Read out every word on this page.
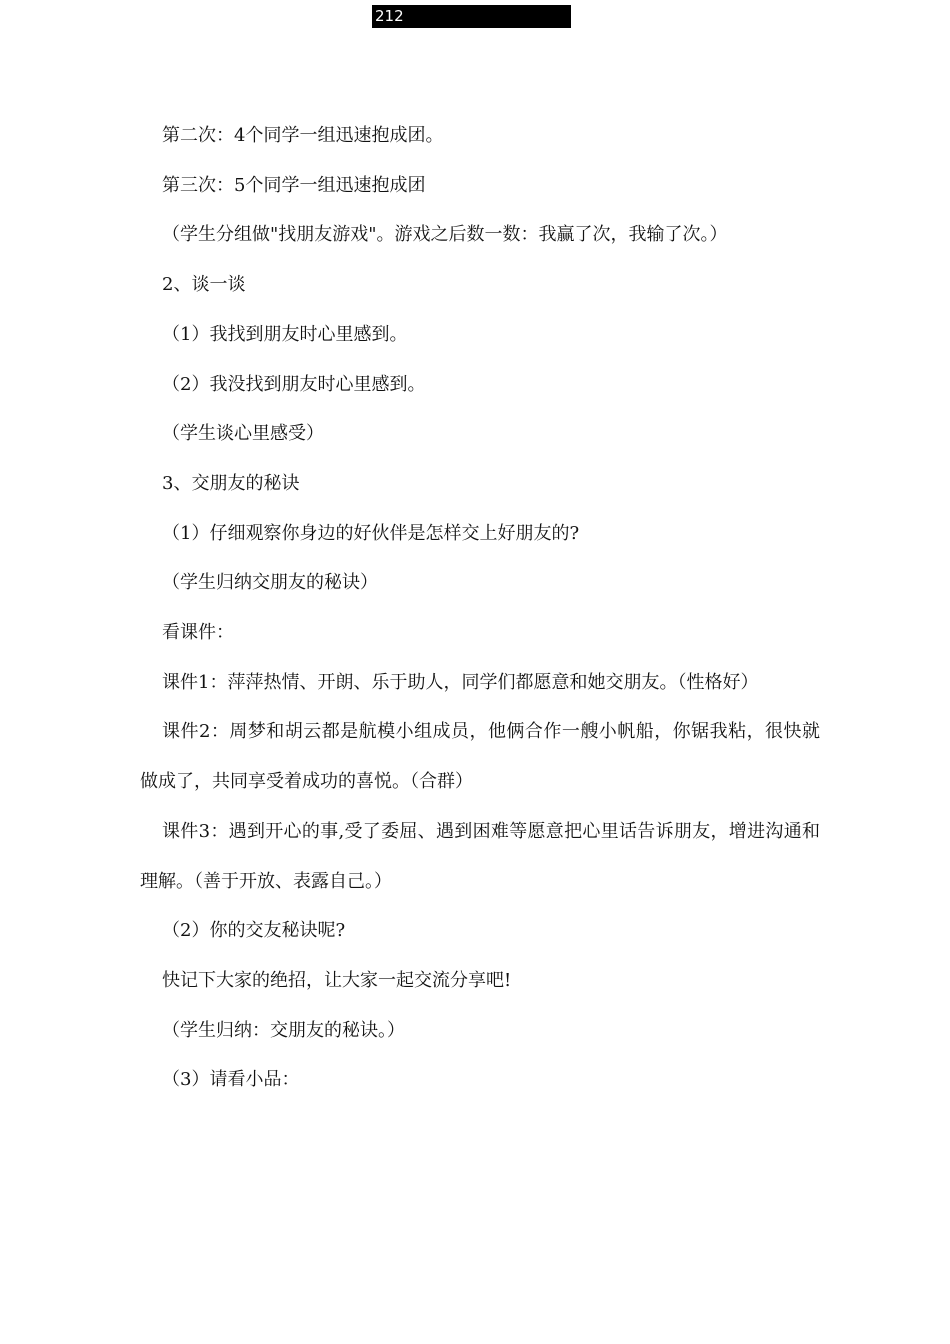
212

第二次：4个同学一组迅速抱成团。

第三次：5个同学一组迅速抱成团

（学生分组做"找朋友游戏"。游戏之后数一数：我赢了次，我输了次。）

2、谈一谈

（1）我找到朋友时心里感到。

（2）我没找到朋友时心里感到。

（学生谈心里感受）

3、交朋友的秘诀

（1）仔细观察你身边的好伙伴是怎样交上好朋友的?

（学生归纳交朋友的秘诀）

看课件：

课件1：萍萍热情、开朗、乐于助人，同学们都愿意和她交朋友。（性格好）

课件2：周梦和胡云都是航模小组成员，他俩合作一艘小帆船，你锯我粘，很快就做成了，共同享受着成功的喜悦。（合群）

课件3：遇到开心的事,受了委屈、遇到困难等愿意把心里话告诉朋友，增进沟通和理解。（善于开放、表露自己。）

（2）你的交友秘诀呢?

快记下大家的绝招，让大家一起交流分享吧!

（学生归纳：交朋友的秘诀。）

（3）请看小品：
